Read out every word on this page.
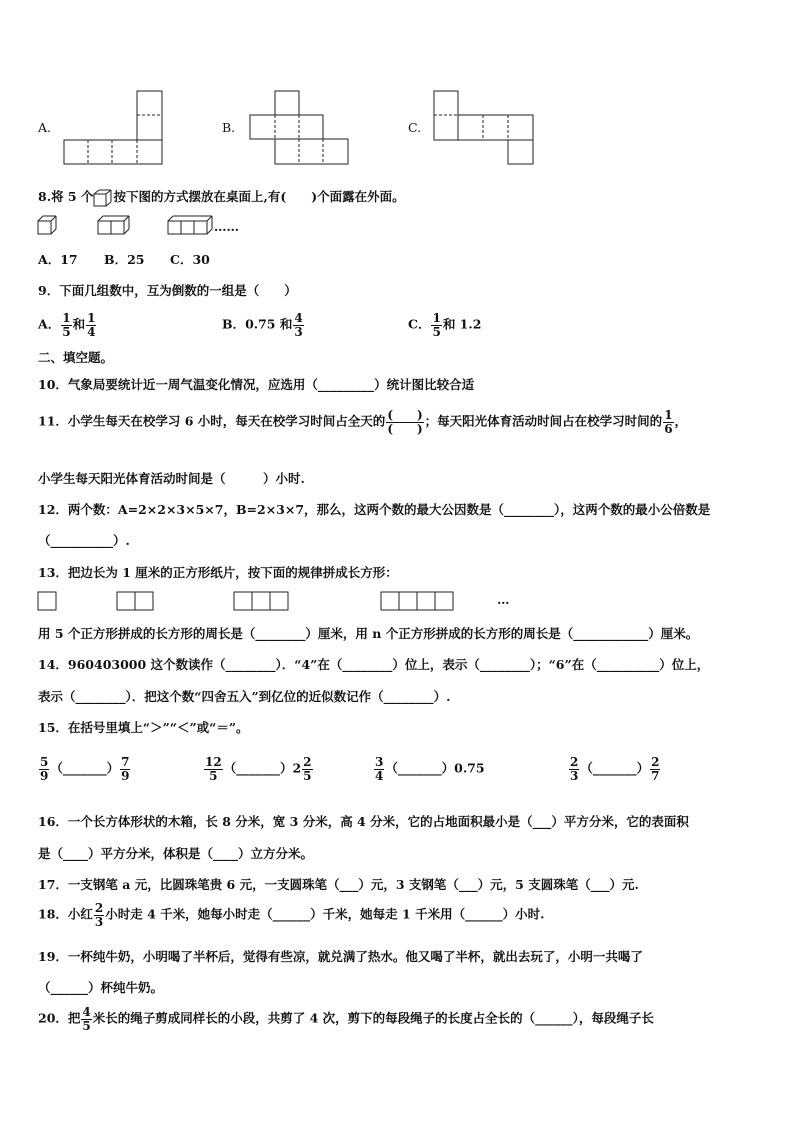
A.	B.	C.
8.将 5 个 按下图的方式摆放在桌面上,有(　　)个面露在外面。
……
A．17 B．25 C．30
9．下面几组数中，互为倒数的一组是（　　）
A． $\frac{1}{5}$ 和 $\frac{1}{4}$	B．0.75 和 $\frac{4}{3}$	C． $\frac{1}{5}$ 和 1.2
二、填空题。
10．气象局要统计近一周气温变化情况，应选用（_________）统计图比较合适
11．小学生每天在校学习 6 小时，每天在校学习时间占全天的 $\frac{( )}{( )}$ ；每天阳光体育活动时间占在校学习时间的 $\frac{1}{6}$ ，
小学生每天阳光体育活动时间是（　　　）小时.
12．两个数：A=2×2×3×5×7，B=2×3×7，那么，这两个数的最大公因数是（________），这两个数的最小公倍数是
（__________）.
13．把边长为 1 厘米的正方形纸片，按下面的规律拼成长方形：
…
用 5 个正方形拼成的长方形的周长是（________）厘米，用 n 个正方形拼成的长方形的周长是（____________）厘米。
14．960403000 这个数读作（________）．“4”在（________）位上，表示（________）；“6”在（__________）位上，
表示（________）．把这个数“四舍五入”到亿位的近似数记作（________）.
15．在括号里填上“＞”“＜”或“＝”。
$\frac{5}{9}$ （_______） $\frac{7}{9}$	$\frac{12}{5}$ （_______）2 $\frac{2}{5}$	$\frac{3}{4}$ （_______）0.75	$\frac{2}{3}$ （_______） $\frac{2}{7}$
16．一个长方体形状的木箱，长 8 分米，宽 3 分米，高 4 分米，它的占地面积最小是（___）平方分米，它的表面积
是（____）平方分米，体积是（____）立方分米。
17．一支钢笔 a 元，比圆珠笔贵 6 元，一支圆珠笔（___）元，3 支钢笔（___）元，5 支圆珠笔（___）元.
18．小红 $\frac{2}{3}$ 小时走 4 千米，她每小时走（______）千米，她每走 1 千米用（______）小时.
19．一杯纯牛奶，小明喝了半杯后，觉得有些凉，就兑满了热水。他又喝了半杯，就出去玩了，小明一共喝了
（______）杯纯牛奶。
20．把 $\frac{4}{5}$ 米长的绳子剪成同样长的小段，共剪了 4 次，剪下的每段绳子的长度占全长的（______），每段绳子长
